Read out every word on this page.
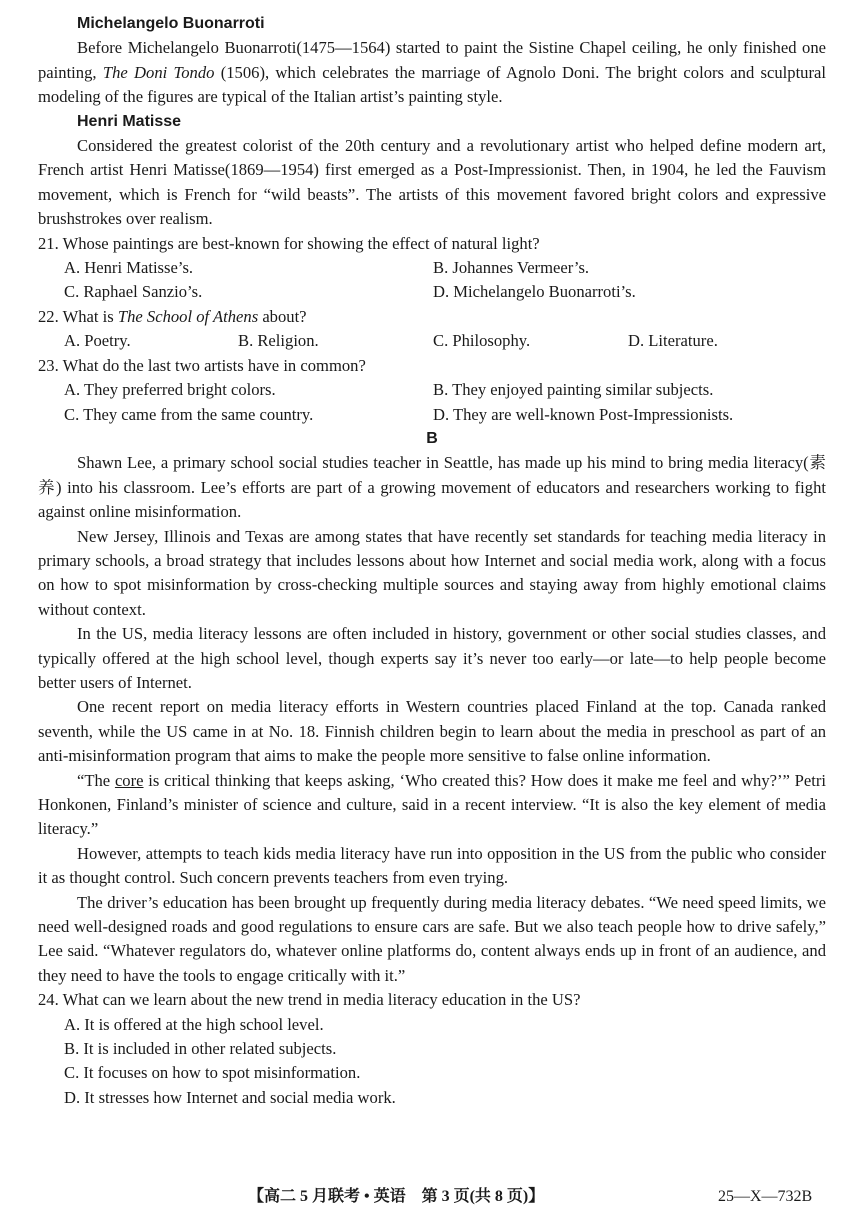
Michelangelo Buonarroti

Before Michelangelo Buonarroti(1475—1564) started to paint the Sistine Chapel ceiling, he only finished one painting, The Doni Tondo (1506), which celebrates the marriage of Agnolo Doni. The bright colors and sculptural modeling of the figures are typical of the Italian artist’s painting style.

Henri Matisse

Considered the greatest colorist of the 20th century and a revolutionary artist who helped define modern art, French artist Henri Matisse(1869—1954) first emerged as a Post-Impressionist. Then, in 1904, he led the Fauvism movement, which is French for “wild beasts”. The artists of this movement favored bright colors and expressive brushstrokes over realism.

21. Whose paintings are best-known for showing the effect of natural light?

A. Henri Matisse’s.	B. Johannes Vermeer’s.
C. Raphael Sanzio’s.	D. Michelangelo Buonarroti’s.

22. What is The School of Athens about?

A. Poetry.	B. Religion.	C. Philosophy.	D. Literature.

23. What do the last two artists have in common?

A. They preferred bright colors.	B. They enjoyed painting similar subjects.
C. They came from the same country.	D. They are well-known Post-Impressionists.
B

Shawn Lee, a primary school social studies teacher in Seattle, has made up his mind to bring media literacy(素养) into his classroom. Lee’s efforts are part of a growing movement of educators and researchers working to fight against online misinformation.

New Jersey, Illinois and Texas are among states that have recently set standards for teaching media literacy in primary schools, a broad strategy that includes lessons about how Internet and social media work, along with a focus on how to spot misinformation by cross-checking multiple sources and staying away from highly emotional claims without context.

In the US, media literacy lessons are often included in history, government or other social studies classes, and typically offered at the high school level, though experts say it’s never too early—or late—to help people become better users of Internet.

One recent report on media literacy efforts in Western countries placed Finland at the top. Canada ranked seventh, while the US came in at No. 18. Finnish children begin to learn about the media in preschool as part of an anti-misinformation program that aims to make the people more sensitive to false online information.

“The core is critical thinking that keeps asking, ‘Who created this? How does it make me feel and why?’” Petri Honkonen, Finland’s minister of science and culture, said in a recent interview. “It is also the key element of media literacy.”

However, attempts to teach kids media literacy have run into opposition in the US from the public who consider it as thought control. Such concern prevents teachers from even trying.

The driver’s education has been brought up frequently during media literacy debates. “We need speed limits, we need well-designed roads and good regulations to ensure cars are safe. But we also teach people how to drive safely,” Lee said. “Whatever regulators do, whatever online platforms do, content always ends up in front of an audience, and they need to have the tools to engage critically with it.”

24. What can we learn about the new trend in media literacy education in the US?

A. It is offered at the high school level.
B. It is included in other related subjects.
C. It focuses on how to spot misinformation.
D. It stresses how Internet and social media work.
【高二 5 月联考 • 英语　第 3 页(共 8 页)】	25—X—732B
